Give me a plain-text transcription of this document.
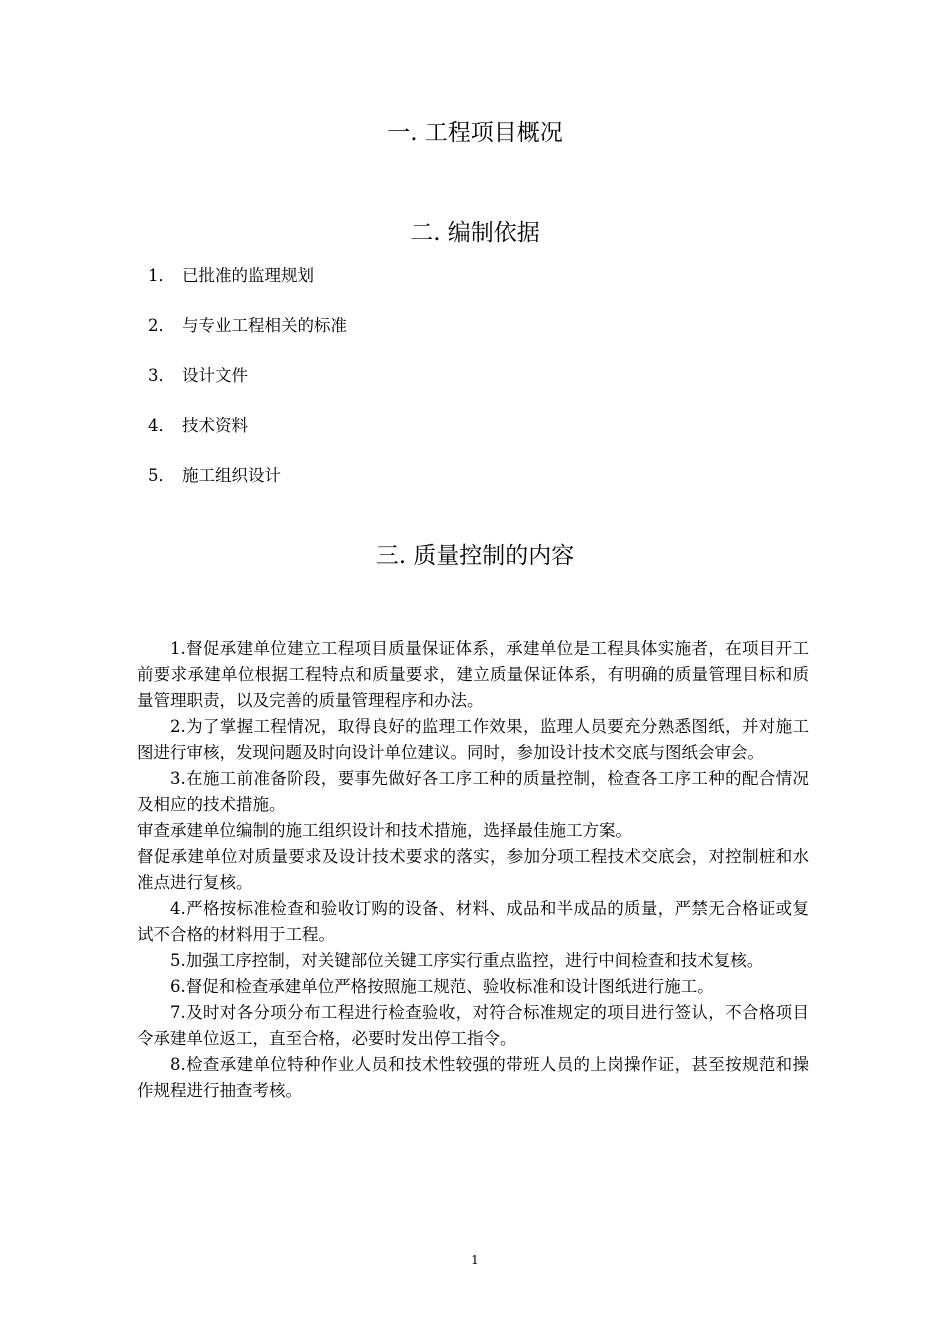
一. 工程项目概况
二. 编制依据
1． 已批准的监理规划
2． 与专业工程相关的标准
3． 设计文件
4． 技术资料
5． 施工组织设计
三. 质量控制的内容

1.督促承建单位建立工程项目质量保证体系，承建单位是工程具体实施者，在项目开工前要求承建单位根据工程特点和质量要求，建立质量保证体系，有明确的质量管理目标和质量管理职责，以及完善的质量管理程序和办法。

2.为了掌握工程情况，取得良好的监理工作效果，监理人员要充分熟悉图纸，并对施工图进行审核，发现问题及时向设计单位建议。同时，参加设计技术交底与图纸会审会。

3.在施工前准备阶段，要事先做好各工序工种的质量控制，检查各工序工种的配合情况及相应的技术措施。

审查承建单位编制的施工组织设计和技术措施，选择最佳施工方案。

督促承建单位对质量要求及设计技术要求的落实，参加分项工程技术交底会，对控制桩和水准点进行复核。

4.严格按标准检查和验收订购的设备、材料、成品和半成品的质量，严禁无合格证或复试不合格的材料用于工程。

5.加强工序控制，对关键部位关键工序实行重点监控，进行中间检查和技术复核。

6.督促和检查承建单位严格按照施工规范、验收标准和设计图纸进行施工。

7.及时对各分项分布工程进行检查验收，对符合标准规定的项目进行签认，不合格项目令承建单位返工，直至合格，必要时发出停工指令。

8.检查承建单位特种作业人员和技术性较强的带班人员的上岗操作证，甚至按规范和操作规程进行抽查考核。

1
